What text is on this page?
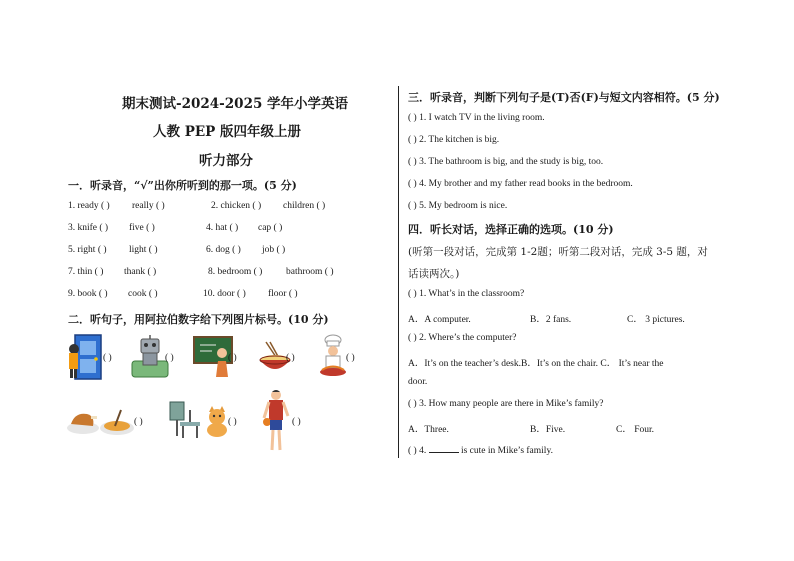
期末测试-2024-2025 学年小学英语
人教 PEP 版四年级上册
听力部分
一．听录音，“√”出你所听到的那一项。(5 分)
1. ready ( ) really ( )	2. chicken ( ) children ( )
3. knife ( ) five ( )	4. hat ( ) cap ( )
5. right ( ) light ( )	6. dog ( ) job ( )
7. thin ( ) thank ( )	8. bedroom ( ) bathroom ( )
9. book ( ) cook ( )	10. door ( ) floor ( )
二．听句子，用阿拉伯数字给下列图片标号。(10 分)
( )	( )	( )	( )	( )
( )	( )	( )
三．听录音，判断下列句子是(T)否(F)与短文内容相符。(5 分)
( ) 1. I watch TV in the living room.
( ) 2. The kitchen is big.
( ) 3. The bathroom is big, and the study is big, too.
( ) 4. My brother and my father read books in the bedroom.
( ) 5. My bedroom is nice.
四．听长对话，选择正确的选项。(10 分)
(听第一段对话，完成第 1-2题；听第二段对话，完成 3-5 题，对
话读两次。)
( ) 1. What’s in the classroom?
A．A computer.	B．2 fans.	C． 3 pictures.
( ) 2. Where’s the computer?
A．It’s on the teacher’s desk.B．It’s on the chair. C． It’s near the
door.
( ) 3. How many people are there in Mike’s family?
A．Three.	B．Five.	C． Four.
( ) 4.	is cute in Mike’s family.
